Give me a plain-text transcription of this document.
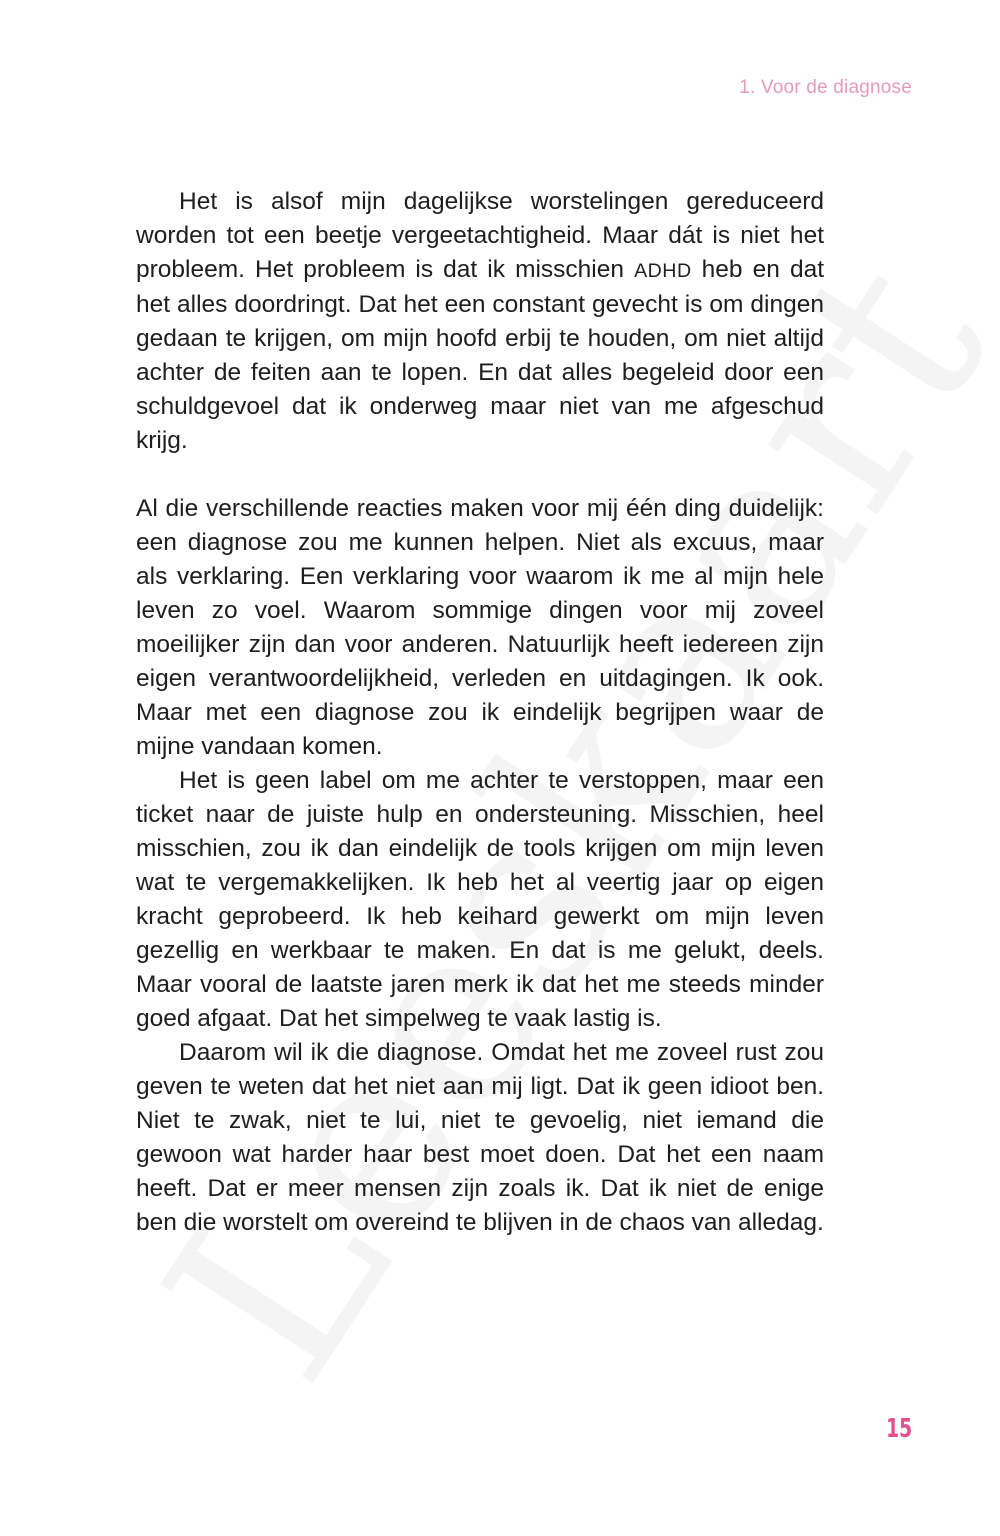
1. Voor de diagnose

Het is alsof mijn dagelijkse worstelingen gereduceerd worden tot een beetje vergeetachtigheid. Maar dát is niet het probleem. Het probleem is dat ik misschien ADHD heb en dat het alles doordringt. Dat het een constant gevecht is om dingen gedaan te krijgen, om mijn hoofd erbij te houden, om niet altijd achter de feiten aan te lopen. En dat alles begeleid door een schuldgevoel dat ik onderweg maar niet van me afgeschud krijg.

Al die verschillende reacties maken voor mij één ding duidelijk: een diagnose zou me kunnen helpen. Niet als excuus, maar als verklaring. Een verklaring voor waarom ik me al mijn hele leven zo voel. Waarom sommige dingen voor mij zoveel moeilijker zijn dan voor anderen. Natuurlijk heeft iedereen zijn eigen verantwoordelijkheid, verleden en uitdagingen. Ik ook. Maar met een diagnose zou ik eindelijk begrijpen waar de mijne vandaan komen.

Het is geen label om me achter te verstoppen, maar een ticket naar de juiste hulp en ondersteuning. Misschien, heel misschien, zou ik dan eindelijk de tools krijgen om mijn leven wat te vergemakkelijken. Ik heb het al veertig jaar op eigen kracht geprobeerd. Ik heb keihard gewerkt om mijn leven gezellig en werkbaar te maken. En dat is me gelukt, deels. Maar vooral de laatste jaren merk ik dat het me steeds minder goed afgaat. Dat het simpelweg te vaak lastig is.

Daarom wil ik die diagnose. Omdat het me zoveel rust zou geven te weten dat het niet aan mij ligt. Dat ik geen idioot ben. Niet te zwak, niet te lui, niet te gevoelig, niet iemand die gewoon wat harder haar best moet doen. Dat het een naam heeft. Dat er meer mensen zijn zoals ik. Dat ik niet de enige ben die worstelt om overeind te blijven in de chaos van alledag.

15
